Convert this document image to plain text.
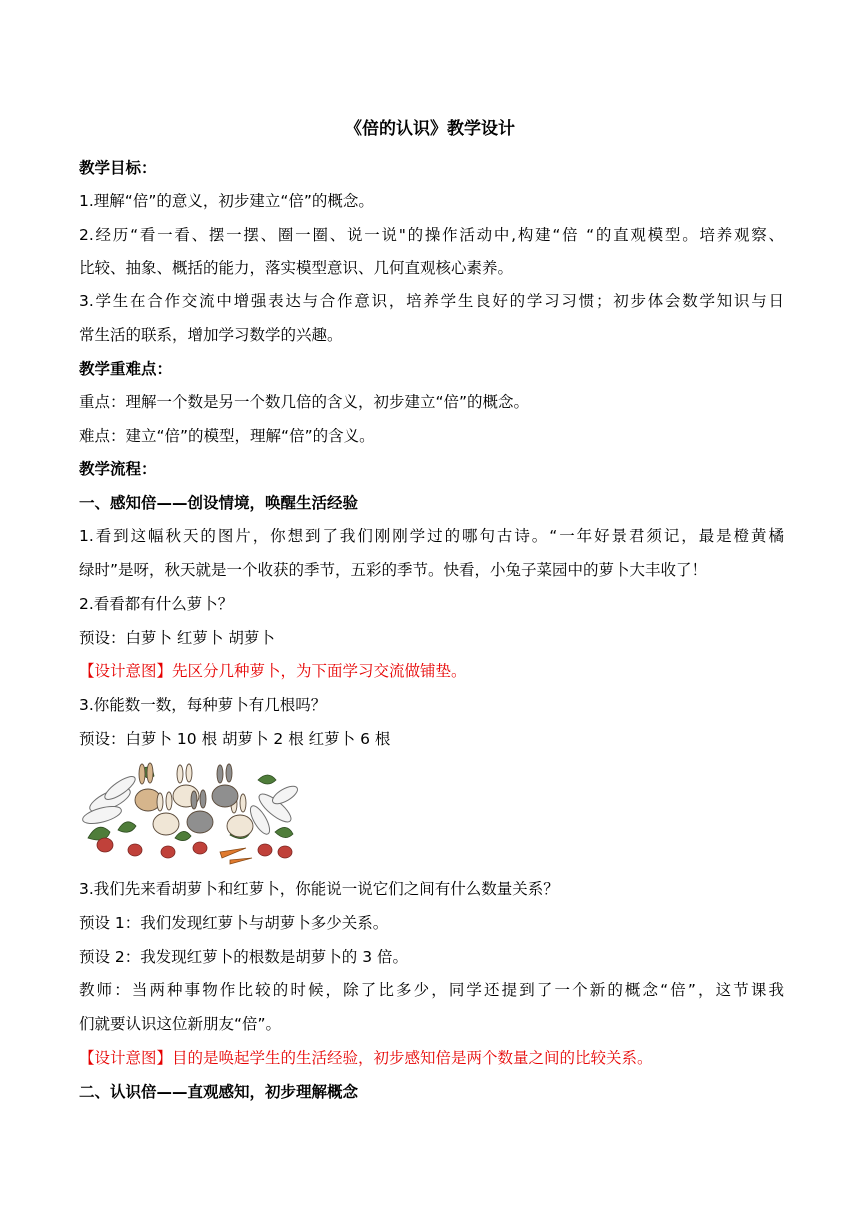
《倍的认识》教学设计
教学目标：
1.理解“倍”的意义，初步建立“倍”的概念。
2.经历“看一看、摆一摆、圈一圈、说一说"的操作活动中,构建“倍 “的直观模型。培养观察、
比较、抽象、概括的能力，落实模型意识、几何直观核心素养。
3.学生在合作交流中增强表达与合作意识，培养学生良好的学习习惯；初步体会数学知识与日
常生活的联系，增加学习数学的兴趣。
教学重难点：
重点：理解一个数是另一个数几倍的含义，初步建立“倍”的概念。
难点：建立“倍”的模型，理解“倍”的含义。
教学流程：
一、感知倍——创设情境，唤醒生活经验
1.看到这幅秋天的图片，你想到了我们刚刚学过的哪句古诗。“一年好景君须记，最是橙黄橘
绿时”是呀，秋天就是一个收获的季节，五彩的季节。快看，小兔子菜园中的萝卜大丰收了！
2.看看都有什么萝卜？
预设：白萝卜 红萝卜 胡萝卜
【设计意图】先区分几种萝卜，为下面学习交流做铺垫。
3.你能数一数，每种萝卜有几根吗？
预设：白萝卜 10 根 胡萝卜 2 根 红萝卜 6 根
3.我们先来看胡萝卜和红萝卜，你能说一说它们之间有什么数量关系？
预设 1：我们发现红萝卜与胡萝卜多少关系。
预设 2：我发现红萝卜的根数是胡萝卜的 3 倍。
教师：当两种事物作比较的时候，除了比多少，同学还提到了一个新的概念“倍”，这节课我
们就要认识这位新朋友“倍”。
【设计意图】目的是唤起学生的生活经验，初步感知倍是两个数量之间的比较关系。
二、认识倍——直观感知，初步理解概念
